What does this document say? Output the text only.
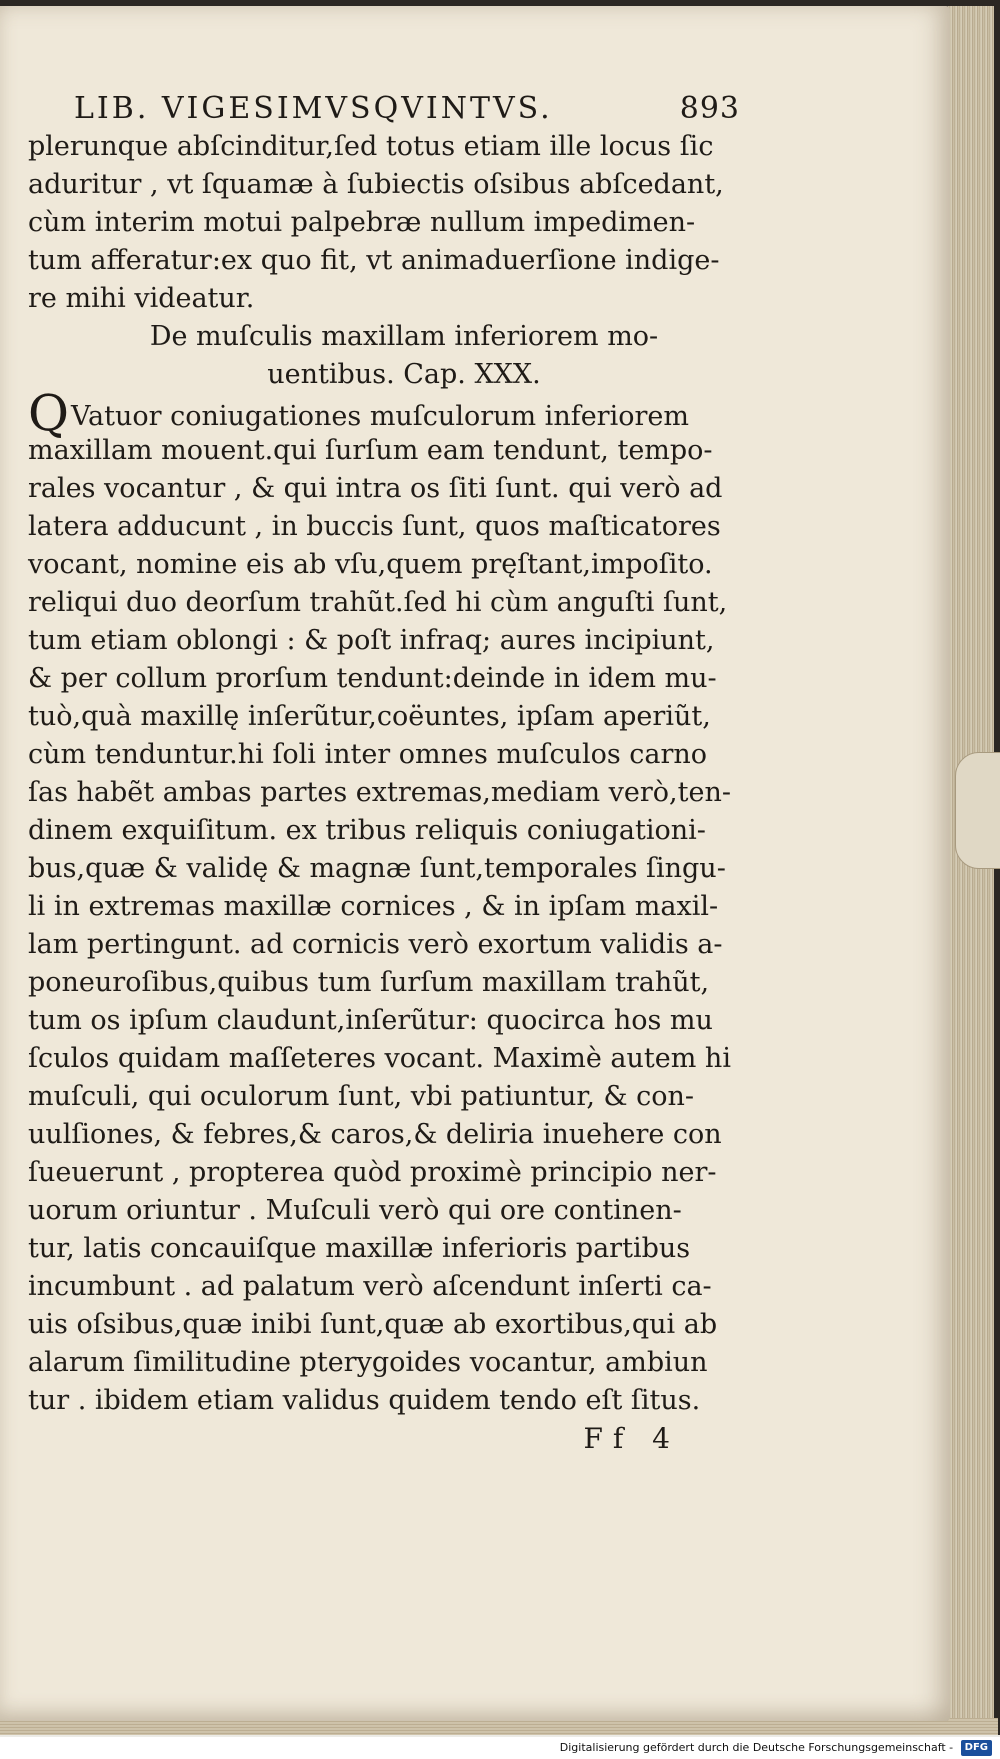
LIB. VIGESIMVSQVINTVS.	893

plerunque abſcinditur,ſed totus etiam ille locus ſic

aduritur , vt ſquamæ à ſubiectis oſsibus abſcedant,

cùm interim motui palpebræ nullum impedimen-

tum afferatur:ex quo fit, vt animaduerſione indige-

re mihi videatur.

De muſculis maxillam inferiorem mo-
uentibus. Cap. XXX.
Q Vatuor coniugationes muſculorum inferiorem

maxillam mouent.qui ſurſum eam tendunt, tempo-

rales vocantur , & qui intra os ſiti ſunt. qui verò ad

latera adducunt , in buccis ſunt, quos maſticatores

vocant, nomine eis ab vſu,quem pręſtant,impoſito.

reliqui duo deorſum trahũt.ſed hi cùm anguſti ſunt,

tum etiam oblongi : & poſt infraq; aures incipiunt,

& per collum prorſum tendunt:deinde in idem mu-

tuò,quà maxillę inſerũtur,coëuntes, ipſam aperiũt,

cùm tenduntur.hi ſoli inter omnes muſculos carno

ſas habẽt ambas partes extremas,mediam verò,ten-

dinem exquiſitum. ex tribus reliquis coniugationi-

bus,quæ & validę & magnæ ſunt,temporales ſingu-

li in extremas maxillæ cornices , & in ipſam maxil-

lam pertingunt. ad cornicis verò exortum validis a-

poneuroſibus,quibus tum ſurſum maxillam trahũt,

tum os ipſum claudunt,inſerũtur: quocirca hos mu

ſculos quidam maſſeteres vocant. Maximè autem hi

muſculi, qui oculorum ſunt, vbi patiuntur, & con-

uulſiones, & febres,& caros,& deliria inuehere con

ſueuerunt , propterea quòd proximè principio ner-

uorum oriuntur . Muſculi verò qui ore continen-

tur, latis concauiſque maxillæ inferioris partibus

incumbunt . ad palatum verò aſcendunt inſerti ca-

uis oſsibus,quæ inibi ſunt,quæ ab exortibus,qui ab

alarum ſimilitudine pterygoides vocantur, ambiun

tur . ibidem etiam validus quidem tendo eſt ſitus.

Ff 4
Digitalisierung gefördert durch die Deutsche Forschungsgemeinschaft - DFG
